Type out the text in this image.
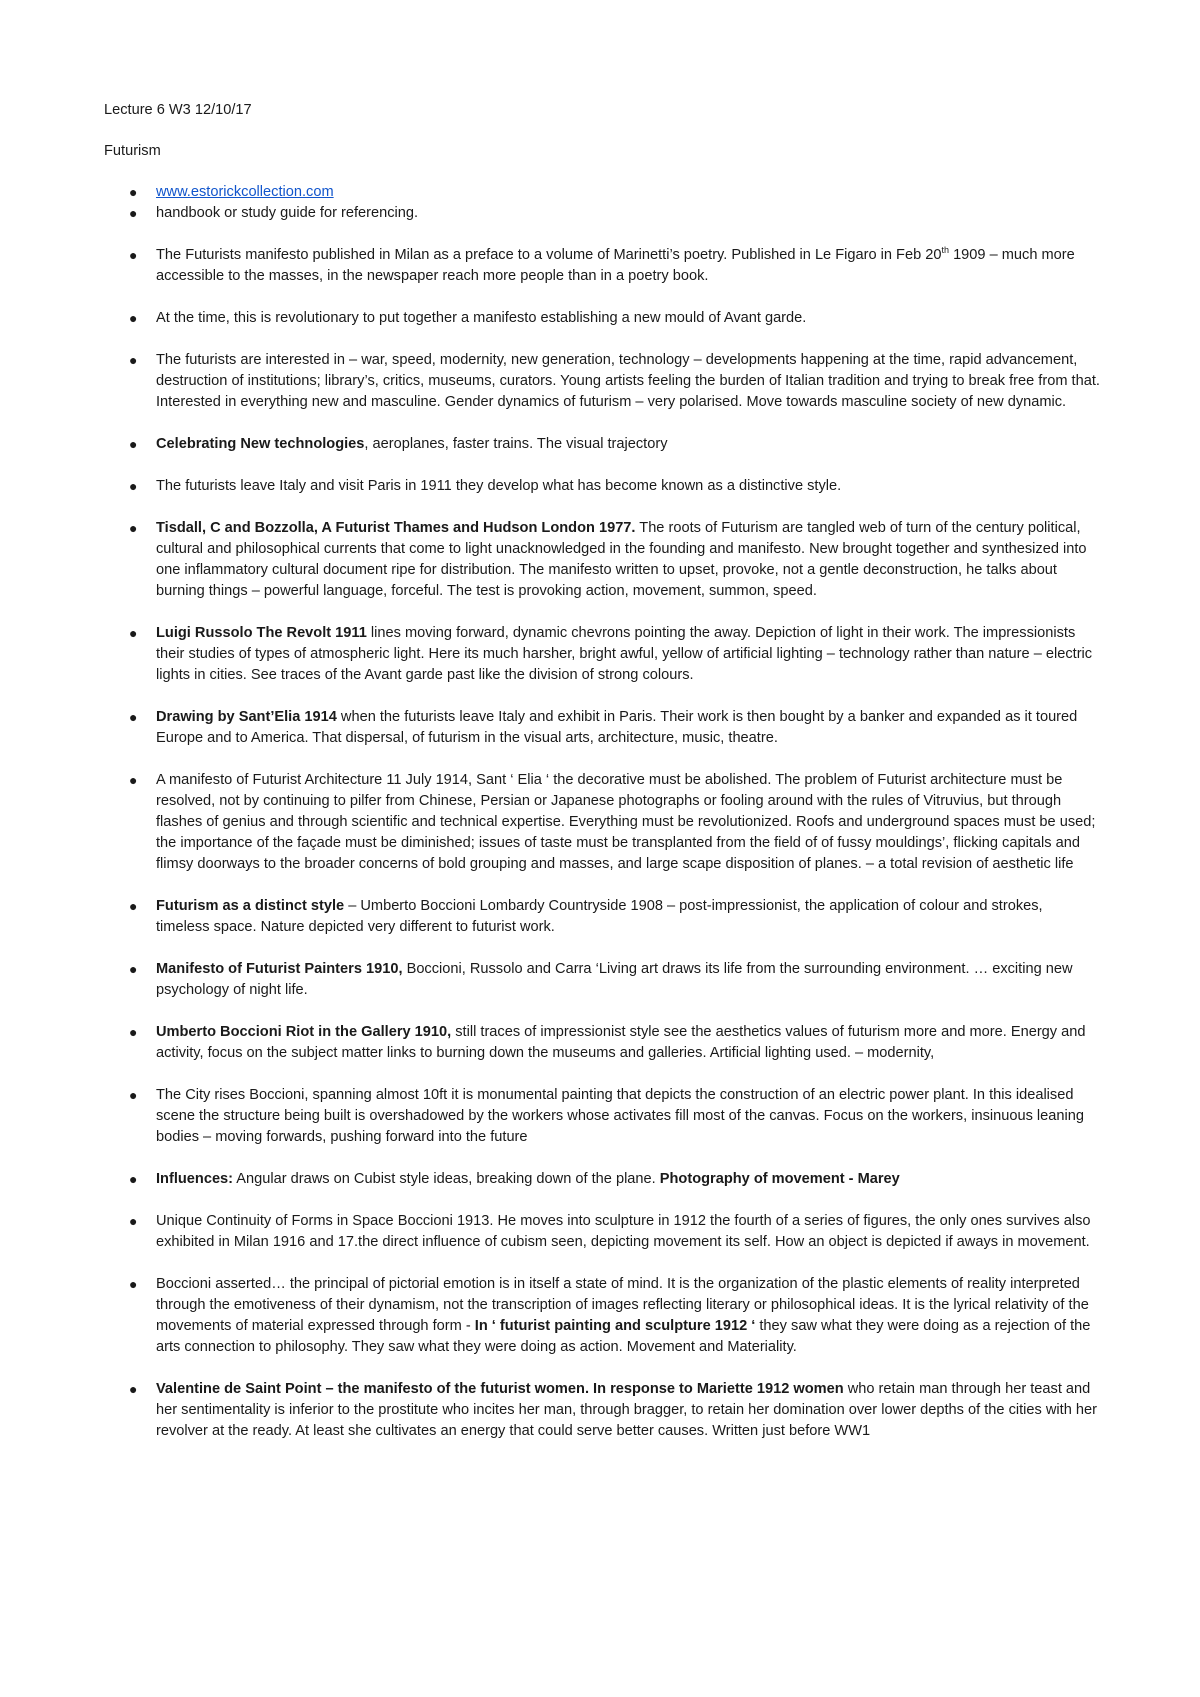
Lecture 6 W3 12/10/17
Futurism
● www.estorickcollection.com
● handbook or study guide for referencing.
● The Futurists manifesto published in Milan as a preface to a volume of Marinetti’s poetry. Published in Le Figaro in Feb 20th 1909 – much more accessible to the masses, in the newspaper reach more people than in a poetry book.
● At the time, this is revolutionary to put together a manifesto establishing a new mould of Avant garde.
● The futurists are interested in – war, speed, modernity, new generation, technology – developments happening at the time, rapid advancement, destruction of institutions; library’s, critics, museums, curators. Young artists feeling the burden of Italian tradition and trying to break free from that. Interested in everything new and masculine. Gender dynamics of futurism – very polarised. Move towards masculine society of new dynamic.
● Celebrating New technologies, aeroplanes, faster trains. The visual trajectory
● The futurists leave Italy and visit Paris in 1911 they develop what has become known as a distinctive style.
● Tisdall, C and Bozzolla, A Futurist Thames and Hudson London 1977. The roots of Futurism are tangled web of turn of the century political, cultural and philosophical currents that come to light unacknowledged in the founding and manifesto. New brought together and synthesized into one inflammatory cultural document ripe for distribution. The manifesto written to upset, provoke, not a gentle deconstruction, he talks about burning things – powerful language, forceful. The test is provoking action, movement, summon, speed.
● Luigi Russolo The Revolt 1911 lines moving forward, dynamic chevrons pointing the away. Depiction of light in their work. The impressionists their studies of types of atmospheric light. Here its much harsher, bright awful, yellow of artificial lighting – technology rather than nature – electric lights in cities. See traces of the Avant garde past like the division of strong colours.
● Drawing by Sant’Elia 1914 when the futurists leave Italy and exhibit in Paris. Their work is then bought by a banker and expanded as it toured Europe and to America. That dispersal, of futurism in the visual arts, architecture, music, theatre.
● A manifesto of Futurist Architecture 11 July 1914, Sant ‘ Elia ‘ the decorative must be abolished. The problem of Futurist architecture must be resolved, not by continuing to pilfer from Chinese, Persian or Japanese photographs or fooling around with the rules of Vitruvius, but through flashes of genius and through scientific and technical expertise. Everything must be revolutionized. Roofs and underground spaces must be used; the importance of the façade must be diminished; issues of taste must be transplanted from the field of of fussy mouldings’, flicking capitals and flimsy doorways to the broader concerns of bold grouping and masses, and large scape disposition of planes. – a total revision of aesthetic life
● Futurism as a distinct style – Umberto Boccioni Lombardy Countryside 1908 – post-impressionist, the application of colour and strokes, timeless space. Nature depicted very different to futurist work.
● Manifesto of Futurist Painters 1910, Boccioni, Russolo and Carra ‘Living art draws its life from the surrounding environment. … exciting new psychology of night life.
● Umberto Boccioni Riot in the Gallery 1910, still traces of impressionist style see the aesthetics values of futurism more and more. Energy and activity, focus on the subject matter links to burning down the museums and galleries. Artificial lighting used. – modernity,
● The City rises Boccioni, spanning almost 10ft it is monumental painting that depicts the construction of an electric power plant. In this idealised scene the structure being built is overshadowed by the workers whose activates fill most of the canvas. Focus on the workers, insinuous leaning bodies – moving forwards, pushing forward into the future
● Influences: Angular draws on Cubist style ideas, breaking down of the plane. Photography of movement - Marey
● Unique Continuity of Forms in Space Boccioni 1913. He moves into sculpture in 1912 the fourth of a series of figures, the only ones survives also exhibited in Milan 1916 and 17.the direct influence of cubism seen, depicting movement its self. How an object is depicted if aways in movement.
● Boccioni asserted… the principal of pictorial emotion is in itself a state of mind. It is the organization of the plastic elements of reality interpreted through the emotiveness of their dynamism, not the transcription of images reflecting literary or philosophical ideas. It is the lyrical relativity of the movements of material expressed through form - In ‘ futurist painting and sculpture 1912 ‘ they saw what they were doing as a rejection of the arts connection to philosophy. They saw what they were doing as action. Movement and Materiality.
● Valentine de Saint Point – the manifesto of the futurist women. In response to Mariette 1912 women who retain man through her teast and her sentimentality is inferior to the prostitute who incites her man, through bragger, to retain her domination over lower depths of the cities with her revolver at the ready. At least she cultivates an energy that could serve better causes. Written just before WW1
